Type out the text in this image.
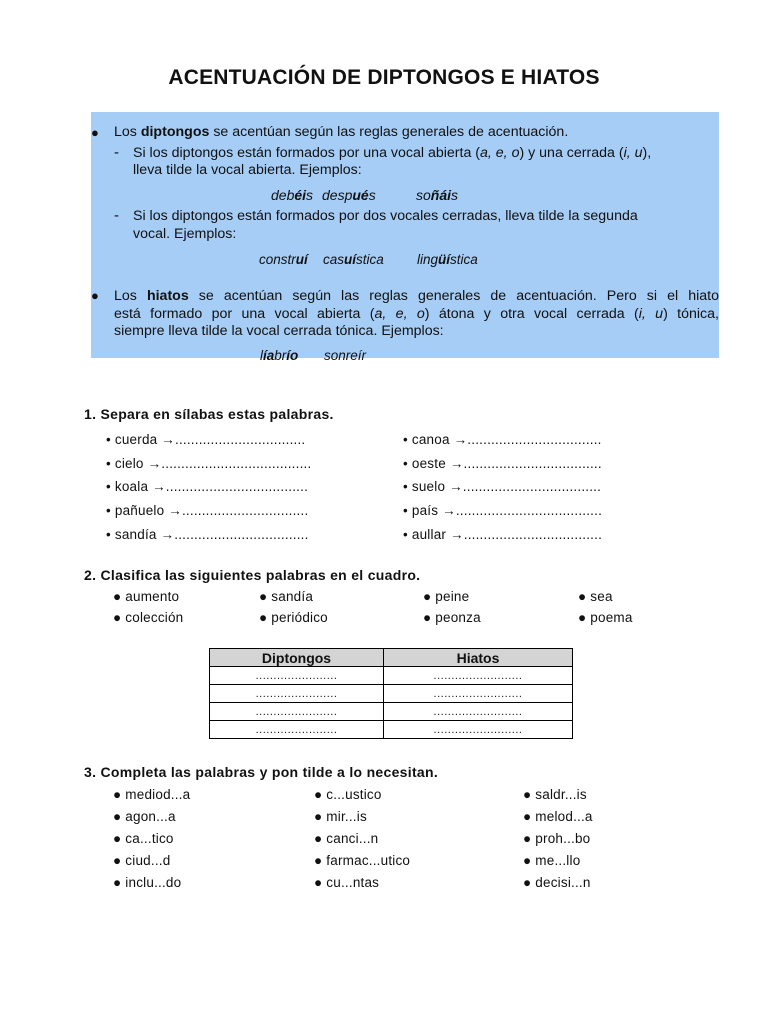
ACENTUACIÓN DE DIPTONGOS E HIATOS
● Los diptongos se acentúan según las reglas generales de acentuación.
- Si los diptongos están formados por una vocal abierta (a, e, o) y una cerrada (i, u),
lleva tilde la vocal abierta. Ejemplos:
debéis después	soñáis
- Si los diptongos están formados por dos vocales cerradas, lleva tilde la segunda
vocal. Ejemplos:
construí casuística lingüística
● Los hiatos se acentúan según las reglas generales de acentuación. Pero si el hiato
está formado por una vocal abierta (a, e, o) átona y otra vocal cerrada (i, u) tónica,
siempre lleva tilde la vocal cerrada tónica. Ejemplos:
líabrío sonreír
1. Separa en sílabas estas palabras.
• cuerda →.................................
• cielo →......................................
• koala →....................................
• pañuelo →................................
• sandía →..................................
• canoa →..................................
• oeste →...................................
• suelo →...................................
• país →.....................................
• aullar →...................................
2. Clasifica las siguientes palabras en el cuadro.
● aumento	● sandía	● peine	● sea
● colección	● periódico	● peonza	● poema
Diptongos	Hiatos
.......................	.........................
.......................	.........................
.......................	.........................
.......................	.........................
3. Completa las palabras y pon tilde a lo necesitan.
● mediod...a
● agon...a
● ca...tico
● ciud...d
● inclu...do
● c...ustico
● mir...is
● canci...n
● farmac...utico
● cu...ntas
● saldr...is
● melod...a
● proh...bo
● me...llo
● decisi...n
